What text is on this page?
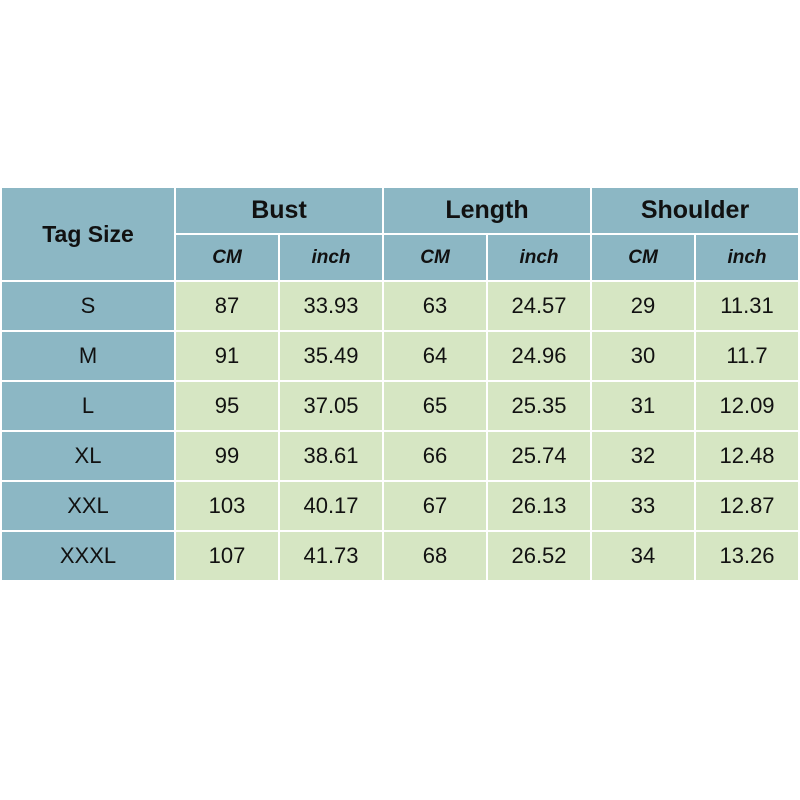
Tag Size	Bust		Length		Shoulder	
	CM	inch	CM	inch	CM	inch
S	87	33.93	63	24.57	29	11.31
M	91	35.49	64	24.96	30	11.7
L	95	37.05	65	25.35	31	12.09
XL	99	38.61	66	25.74	32	12.48
XXL	103	40.17	67	26.13	33	12.87
XXXL	107	41.73	68	26.52	34	13.26
